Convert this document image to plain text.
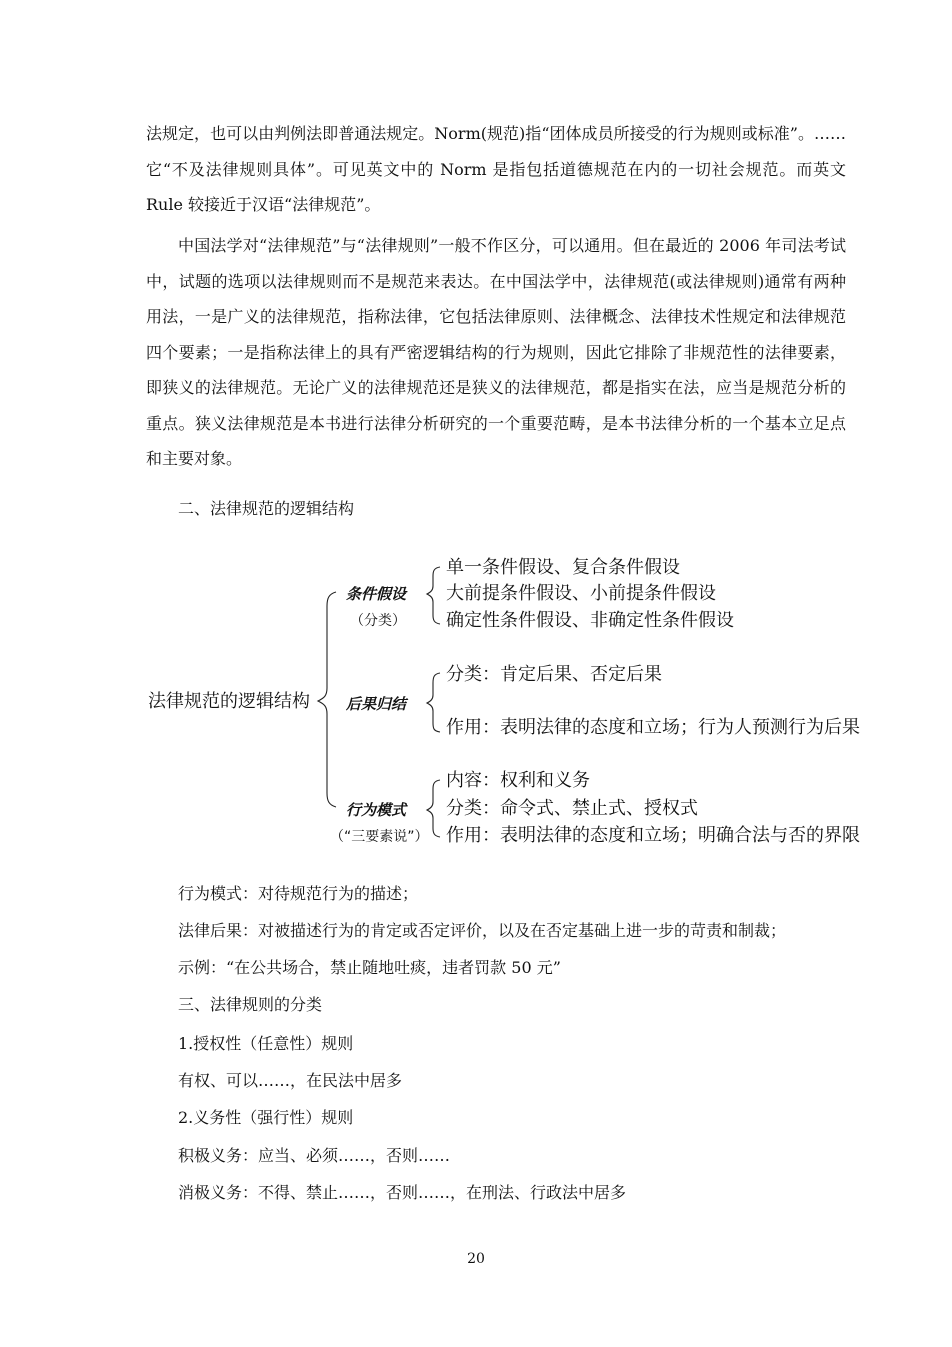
法规定，也可以由判例法即普通法规定。Norm(规范)指“团体成员所接受的行为规则或标准”。……它“不及法律规则具体”。可见英文中的 Norm 是指包括道德规范在内的一切社会规范。而英文 Rule 较接近于汉语“法律规范”。

中国法学对“法律规范”与“法律规则”一般不作区分，可以通用。但在最近的 2006 年司法考试中，试题的选项以法律规则而不是规范来表达。在中国法学中，法律规范(或法律规则)通常有两种用法，一是广义的法律规范，指称法律，它包括法律原则、法律概念、法律技术性规定和法律规范四个要素；一是指称法律上的具有严密逻辑结构的行为规则，因此它排除了非规范性的法律要素，即狭义的法律规范。无论广义的法律规范还是狭义的法律规范，都是指实在法，应当是规范分析的重点。狭义法律规范是本书进行法律分析研究的一个重要范畴，是本书法律分析的一个基本立足点和主要对象。

二、法律规范的逻辑结构

法律规范的逻辑结构
条件假设
（分类）
单一条件假设、复合条件假设
大前提条件假设、小前提条件假设
确定性条件假设、非确定性条件假设
后果归结
分类：肯定后果、否定后果
作用：表明法律的态度和立场；行为人预测行为后果
行为模式
（“三要素说”）
内容：权利和义务
分类：命令式、禁止式、授权式
作用：表明法律的态度和立场；明确合法与否的界限

行为模式：对待规范行为的描述；

法律后果：对被描述行为的肯定或否定评价，以及在否定基础上进一步的苛责和制裁；

示例：“在公共场合，禁止随地吐痰，违者罚款 50 元”

三、法律规则的分类

1.授权性（任意性）规则

有权、可以……，在民法中居多

2.义务性（强行性）规则

积极义务：应当、必须……，否则……

消极义务：不得、禁止……，否则……，在刑法、行政法中居多

20
